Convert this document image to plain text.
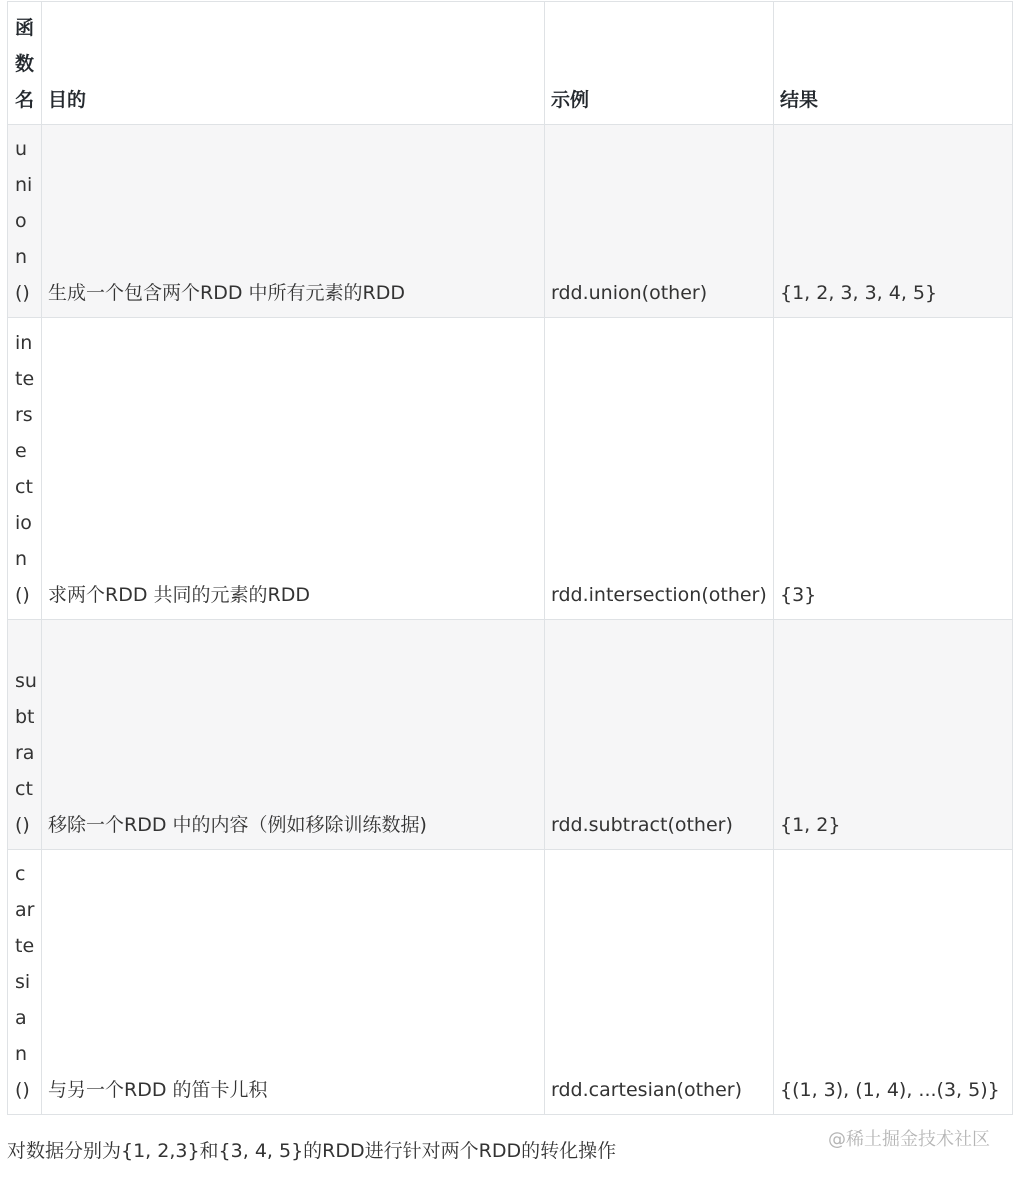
函数名	目的	示例	结果

union()	生成一个包含两个RDD 中所有元素的RDD	rdd.union(other)	{1, 2, 3, 3, 4, 5}

intersection()	求两个RDD 共同的元素的RDD	rdd.intersection(other)	{3}

subtract()	移除一个RDD 中的内容（例如移除训练数据)	rdd.subtract(other)	{1, 2}

cartesian()	与另一个RDD 的笛卡儿积	rdd.cartesian(other)	{(1, 3), (1, 4), ...(3, 5)}
对数据分别为{1, 2,3}和{3, 4, 5}的RDD进行针对两个RDD的转化操作
@稀土掘金技术社区
